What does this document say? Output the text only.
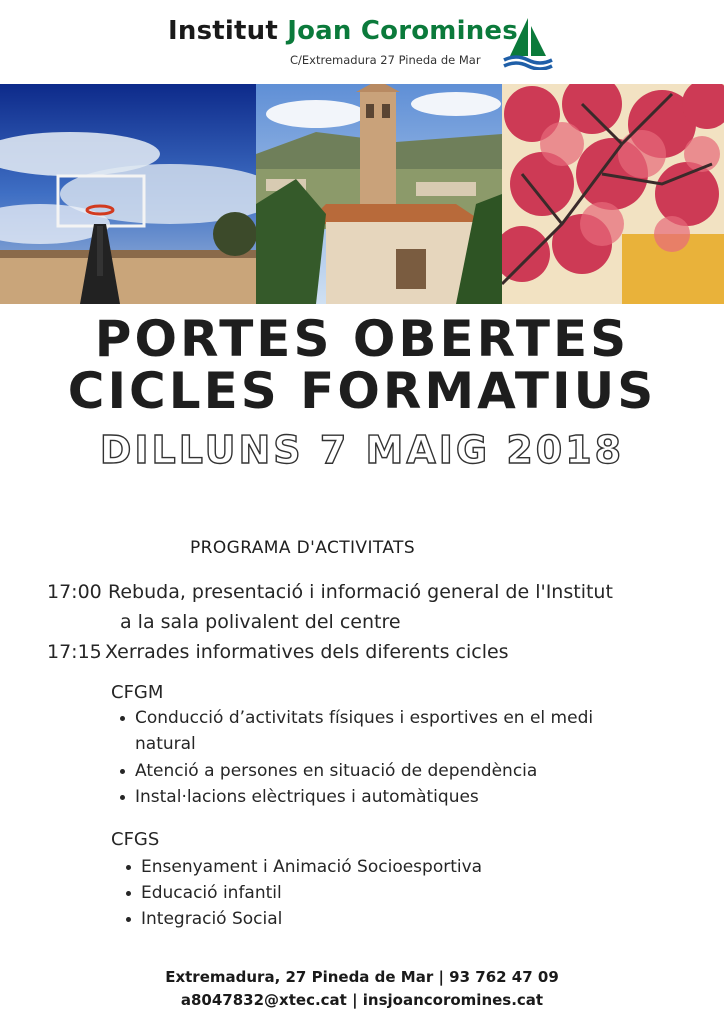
Institut Joan Coromines
C/Extremadura 27 Pineda de Mar
PORTES OBERTES
CICLES FORMATIUS
DILLUNS 7 MAIG 2018
PROGRAMA D'ACTIVITATS
17:00 Rebuda, presentació i informació general de l'Institut
a la sala polivalent del centre
17:15 Xerrades informatives dels diferents cicles
CFGM
Conducció d’activitats físiques i esportives en el medi
natural
Atenció a persones en situació de dependència
Instal·lacions elèctriques i automàtiques
CFGS
Ensenyament i Animació Socioesportiva
Educació infantil
Integració Social
Extremadura, 27 Pineda de Mar | 93 762 47 09
a8047832@xtec.cat | insjoancoromines.cat
